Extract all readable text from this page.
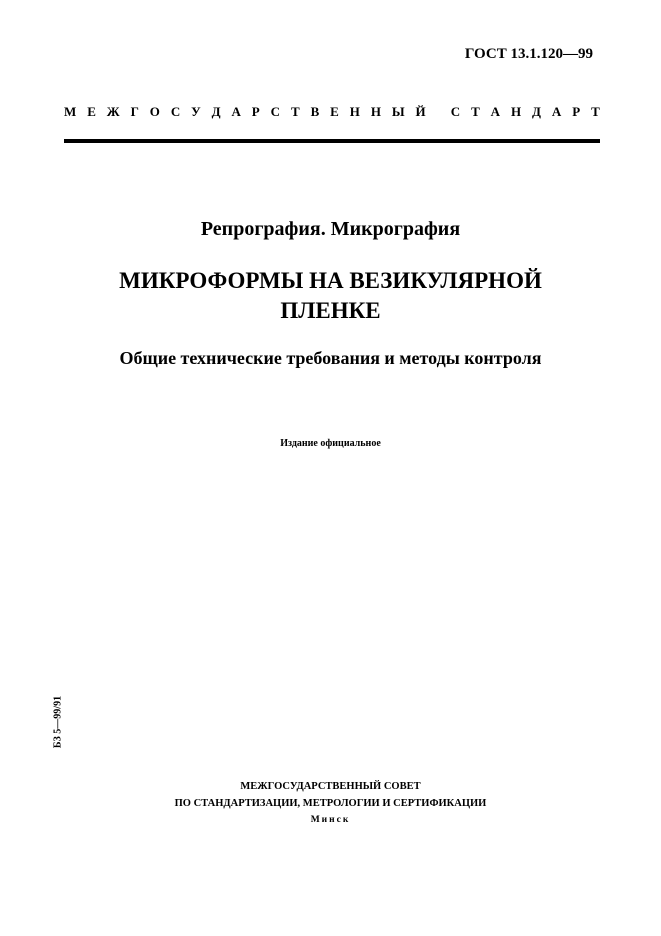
ГОСТ 13.1.120—99
М Е Ж Г О С У Д А Р С Т В Е Н Н Ы Й
С Т А Н Д А Р Т
Репрография. Микрография
МИКРОФОРМЫ НА ВЕЗИКУЛЯРНОЙ
ПЛЕНКЕ
Общие технические требования и методы контроля
Издание официальное
БЗ 5—99/91
МЕЖГОСУДАРСТВЕННЫЙ СОВЕТ
ПО СТАНДАРТИЗАЦИИ, МЕТРОЛОГИИ И СЕРТИФИКАЦИИ
Минск
